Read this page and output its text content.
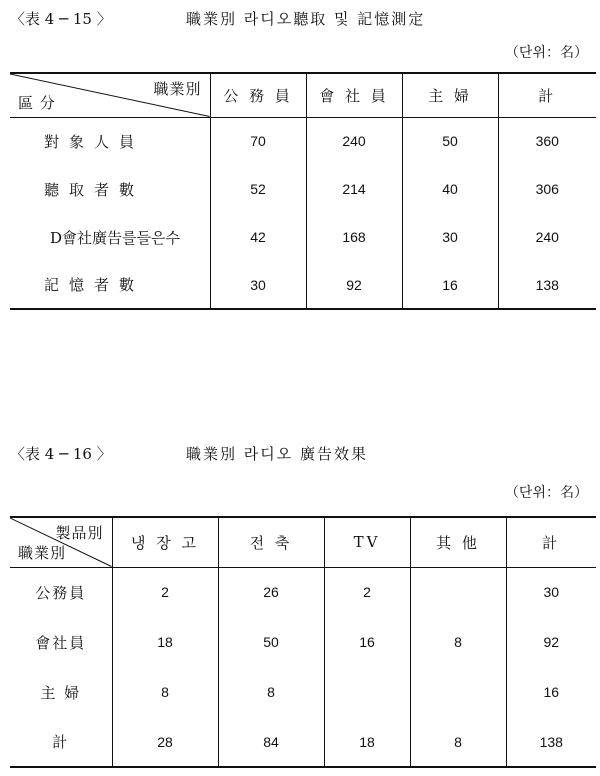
〈表 4 ─ 15 〉	職業別 라디오聽取 및 記憶測定
（단위：名）
職業別
區 分	公 務 員	會 社 員	主 婦	計
對象人員	70	240	50	360
聽取者數	52	214	40	306
D會社廣告를들은수	42	168	30	240
記憶者數	30	92	16	138
〈表 4 ─ 16 〉	職業別 라디오 廣告效果
（단위：名）
製品別
職業別	냉 장 고	전 축	TV	其 他	計
公務員	2	26	2		30
會社員	18	50	16	8	92
主 婦	8	8			16
計	28	84	18	8	138
